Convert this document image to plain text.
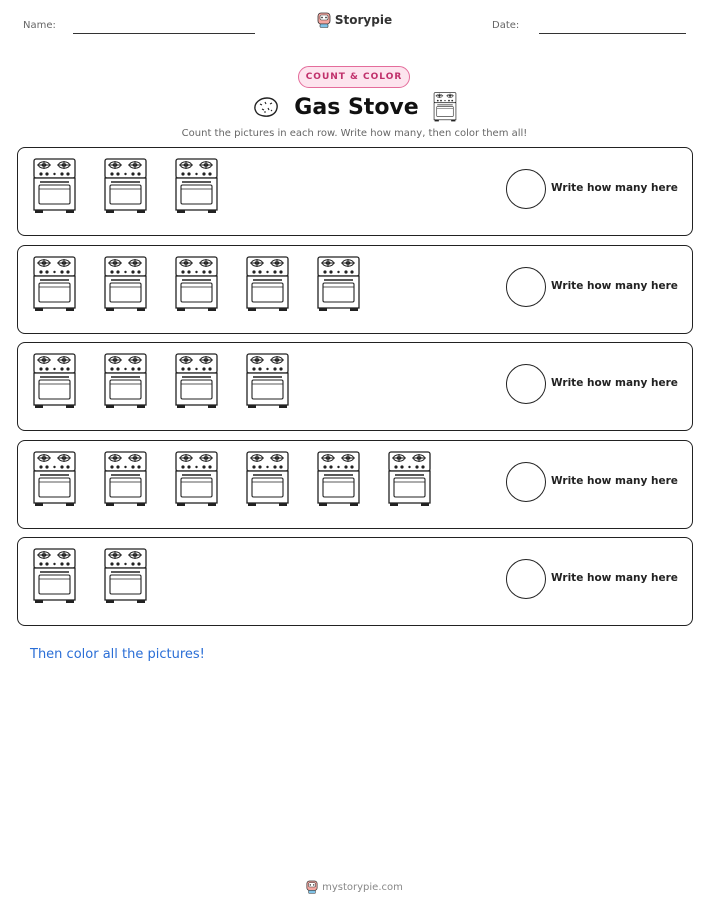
Name:	Storypie	Date:
COUNT & COLOR
Gas Stove
Count the pictures in each row. Write how many, then color them all!
Write how many here
Write how many here
Write how many here
Write how many here
Write how many here
Then color all the pictures!
mystorypie.com
